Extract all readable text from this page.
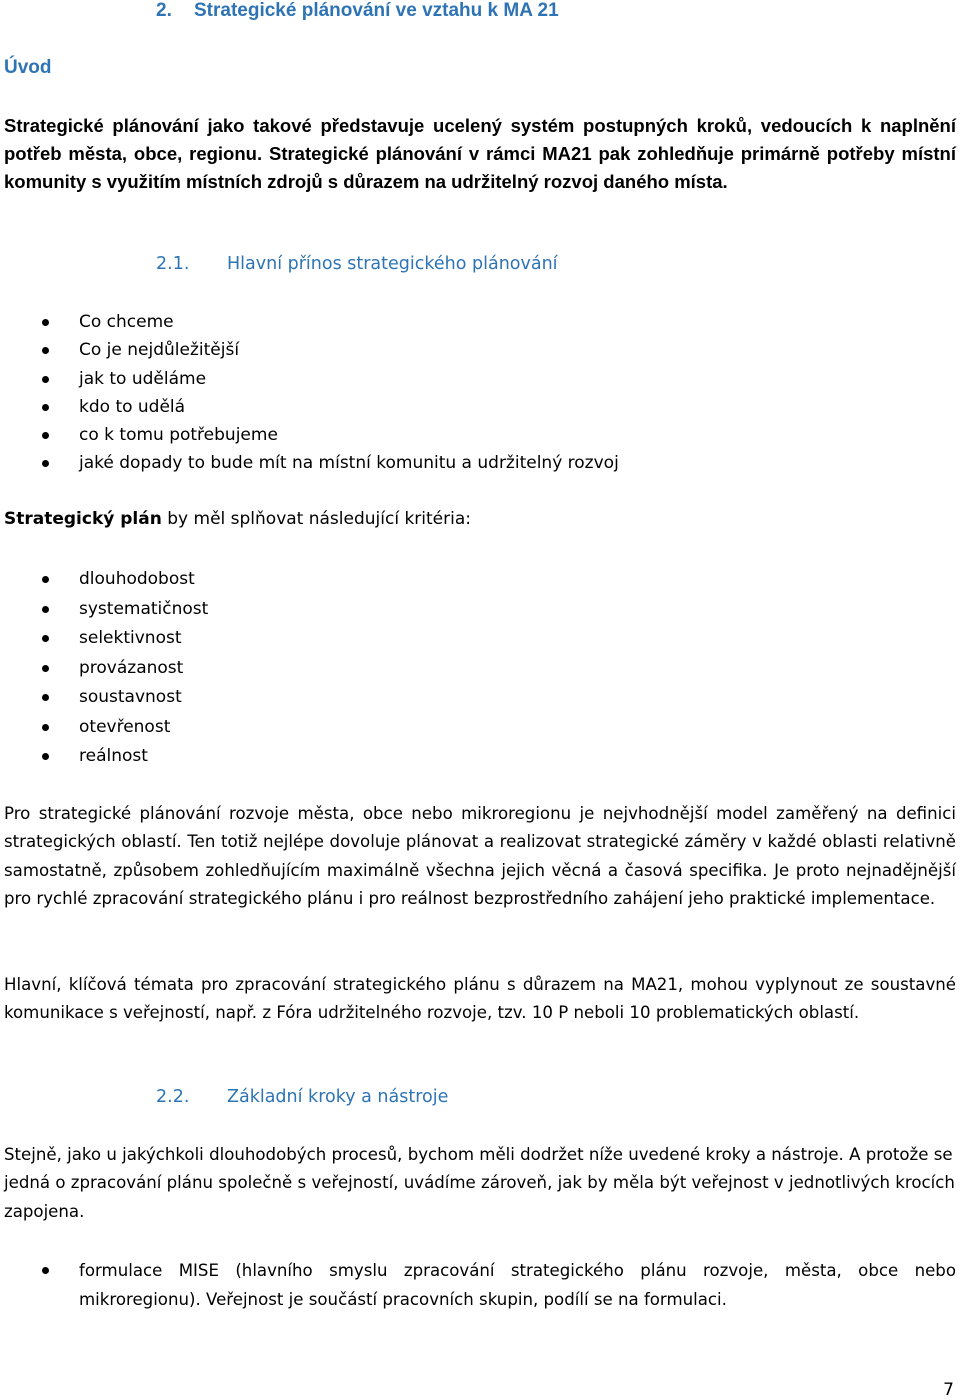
2. Strategické plánování ve vztahu k MA 21
Úvod
Strategické plánování jako takové představuje ucelený systém postupných kroků, vedoucích k naplnění potřeb města, obce, regionu. Strategické plánování v rámci MA21 pak zohledňuje primárně potřeby místní komunity s využitím místních zdrojů s důrazem na udržitelný rozvoj daného místa.
2.1. Hlavní přínos strategického plánování
Co chceme
Co je nejdůležitější
jak to uděláme
kdo to udělá
co k tomu potřebujeme
jaké dopady to bude mít na místní komunitu a udržitelný rozvoj
Strategický plán by měl splňovat následující kritéria:
dlouhodobost
systematičnost
selektivnost
provázanost
soustavnost
otevřenost
reálnost
Pro strategické plánování rozvoje města, obce nebo mikroregionu je nejvhodnější model zaměřený na definici strategických oblastí. Ten totiž nejlépe dovoluje plánovat a realizovat strategické záměry v každé oblasti relativně samostatně, způsobem zohledňujícím maximálně všechna jejich věcná a časová specifika. Je proto nejnadějnější pro rychlé zpracování strategického plánu i pro reálnost bezprostředního zahájení jeho praktické implementace.
Hlavní, klíčová témata pro zpracování strategického plánu s důrazem na MA21, mohou vyplynout ze soustavné komunikace s veřejností, např. z Fóra udržitelného rozvoje, tzv. 10 P neboli 10 problematických oblastí.
2.2. Základní kroky a nástroje
Stejně, jako u jakýchkoli dlouhodobých procesů, bychom měli dodržet níže uvedené kroky a nástroje. A protože se jedná o zpracování plánu společně s veřejností, uvádíme zároveň, jak by měla být veřejnost v jednotlivých krocích zapojena.
formulace MISE (hlavního smyslu zpracování strategického plánu rozvoje, města, obce nebo mikroregionu). Veřejnost je součástí pracovních skupin, podílí se na formulaci.
7
